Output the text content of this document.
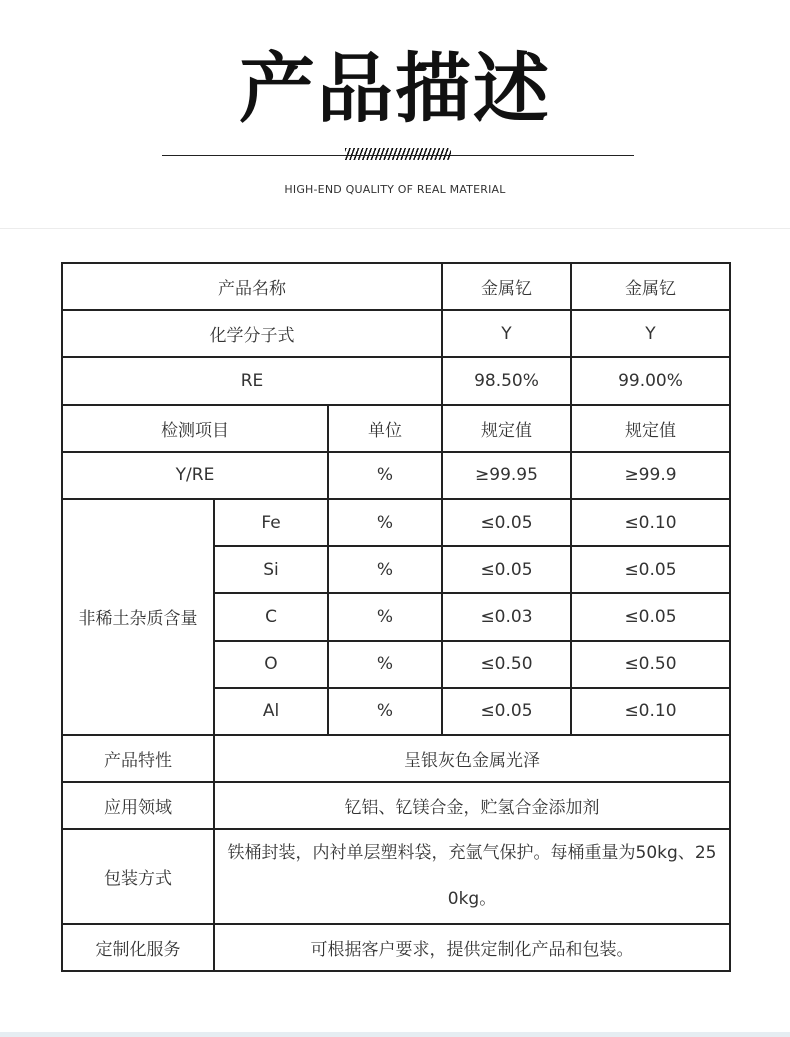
产品描述
HIGH-END QUALITY OF REAL MATERIAL
产品名称			金属钇	金属钇
化学分子式			Y	Y
RE			98.50%	99.00%
检测项目		单位	规定值	规定值
Y/RE		%	≥99.95	≥99.9
非稀土杂质含量	Fe	%	≤0.05	≤0.10
	Si	%	≤0.05	≤0.05
	C	%	≤0.03	≤0.05
	O	%	≤0.50	≤0.50
	Al	%	≤0.05	≤0.10
产品特性	呈银灰色金属光泽			
应用领域	钇铝、钇镁合金，贮氢合金添加剂			
包装方式	铁桶封装，内衬单层塑料袋，充氩气保护。每桶重量为50kg、250kg。			
定制化服务	可根据客户要求，提供定制化产品和包装。			
